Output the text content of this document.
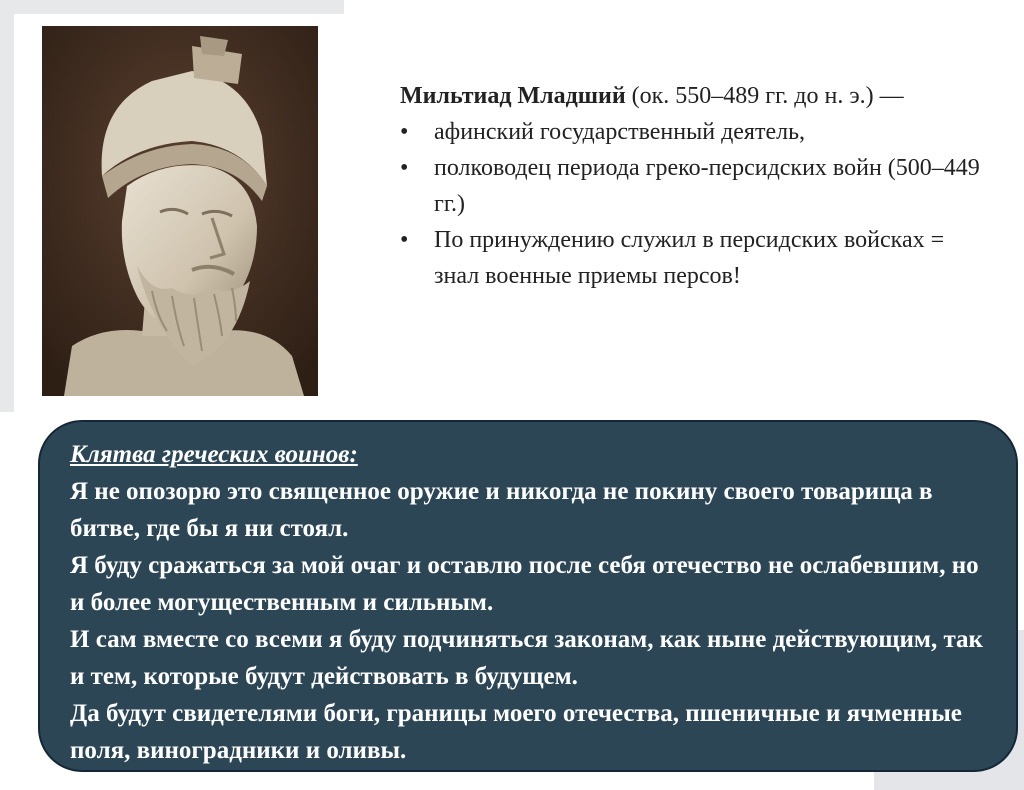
Мильтиад Младший (ок. 550–489 гг. до н. э.) —
• афинский государственный деятель,
• полководец периода греко-персидских войн (500–449 гг.)
• По принуждению служил в персидских войсках = знал военные приемы персов!
Клятва греческих воинов:
Я не опозорю это священное оружие и никогда не покину своего товарища в битве, где бы я ни стоял.
Я буду сражаться за мой очаг и оставлю после себя отечество не ослабевшим, но и более могущественным и сильным.
И сам вместе со всеми я буду подчиняться законам, как ныне действующим, так и тем, которые будут действовать в будущем.
Да будут свидетелями боги, границы моего отечества, пшеничные и ячменные поля, виноградники и оливы.
